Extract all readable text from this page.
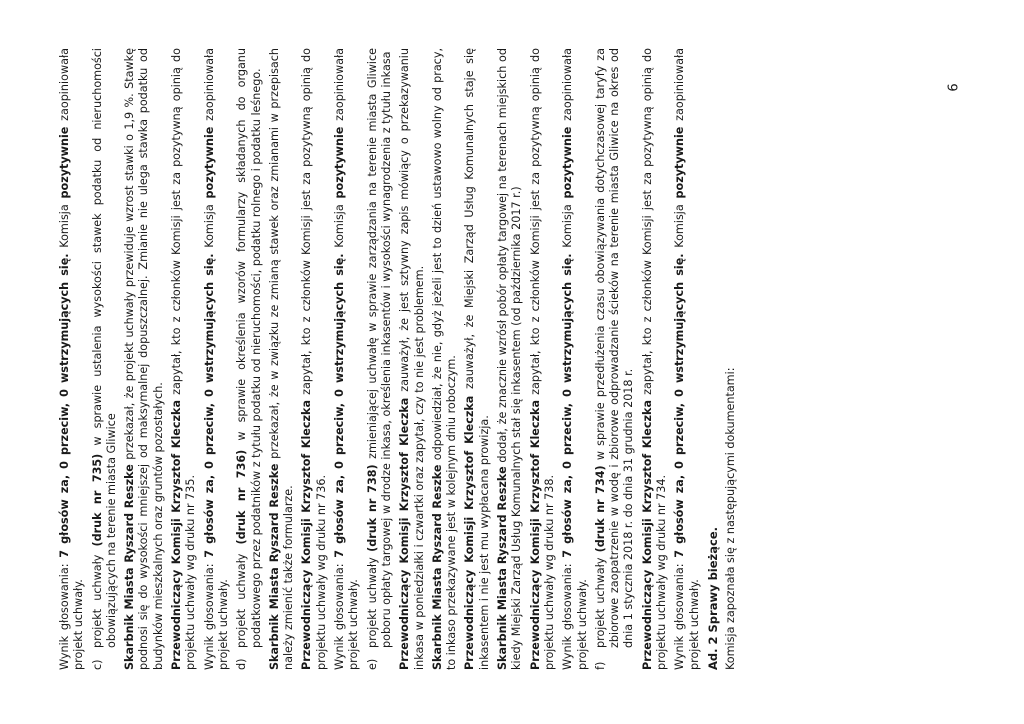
6
Wynik głosowania: 7 głosów za, 0 przeciw, 0 wstrzymujących się. Komisja pozytywnie zaopiniowała projekt uchwały. c)
projekt uchwały (druk nr 735) w sprawie ustalenia wysokości stawek podatku od nieruchomości obowiązujących na terenie miasta Gliwice Skarbnik Miasta Ryszard Reszke przekazał, że projekt uchwały przewiduje wzrost stawki o 1,9 %. Stawkę podnosi się do wysokości mniejszej od maksymalnej dopuszczalnej. Zmianie nie ulega stawka podatku od budynków mieszkalnych oraz gruntów pozostałych. Przewodniczący Komisji Krzysztof Kleczka zapytał, kto z członków Komisji jest za pozytywną opinią do projektu uchwały wg druku nr 735. Wynik głosowania: 7 głosów za, 0 przeciw, 0 wstrzymujących się. Komisja pozytywnie zaopiniowała projekt uchwały. d)
projekt uchwały (druk nr 736) w sprawie określenia wzorów formularzy składanych do organu podatkowego przez podatników z tytułu podatku od nieruchomości, podatku rolnego i podatku leśnego. Skarbnik Miasta Ryszard Reszke przekazał, że w związku ze zmianą stawek oraz zmianami w przepisach należy zmienić także formularze. Przewodniczący Komisji Krzysztof Kleczka zapytał, kto z członków Komisji jest za pozytywną opinią do projektu uchwały wg druku nr 736. Wynik głosowania: 7 głosów za, 0 przeciw, 0 wstrzymujących się. Komisja pozytywnie zaopiniowała projekt uchwały. e)
projekt uchwały (druk nr 738) zmieniającej uchwałę w sprawie zarządzania na terenie miasta Gliwice poboru opłaty targowej w drodze inkasa, określenia inkasentów i wysokości wynagrodzenia z tytułu inkasa Przewodniczący Komisji Krzysztof Kleczka zauważył, że jest sztywny zapis mówiący o przekazywaniu inkasa w poniedziałki i czwartki oraz zapytał, czy to nie jest problemem. Skarbnik Miasta Ryszard Reszke odpowiedział, że nie, gdyż jeżeli jest to dzień ustawowo wolny od pracy, to inkaso przekazywane jest w kolejnym dniu roboczym. Przewodniczący Komisji Krzysztof Kleczka zauważył, że Miejski Zarząd Usług Komunalnych staje się inkasentem i nie jest mu wypłacana prowizja. Skarbnik Miasta Ryszard Reszke dodał, że znacznie wzrósł pobór opłaty targowej na terenach miejskich od kiedy Miejski Zarząd Usług Komunalnych stał się inkasentem (od października 2017 r.) Przewodniczący Komisji Krzysztof Kleczka zapytał, kto z członków Komisji jest za pozytywną opinią do projektu uchwały wg druku nr 738. Wynik głosowania: 7 głosów za, 0 przeciw, 0 wstrzymujących się. Komisja pozytywnie zaopiniowała projekt uchwały. f)
projekt uchwały (druk nr 734) w sprawie przedłużenia czasu obowiązywania dotychczasowej taryfy za zbiorowe zaopatrzenie w wodę i zbiorowe odprowadzanie ścieków na terenie miasta Gliwice na okres od dnia 1 stycznia 2018 r. do dnia 31 grudnia 2018 r. Przewodniczący Komisji Krzysztof Kleczka zapytał, kto z członków Komisji jest za pozytywną opinią do projektu uchwały wg druku nr 734. Wynik głosowania: 7 głosów za, 0 przeciw, 0 wstrzymujących się. Komisja pozytywnie zaopiniowała projekt uchwały. Ad. 2 Sprawy bieżące. Komisja zapoznała się z następującymi dokumentami:
